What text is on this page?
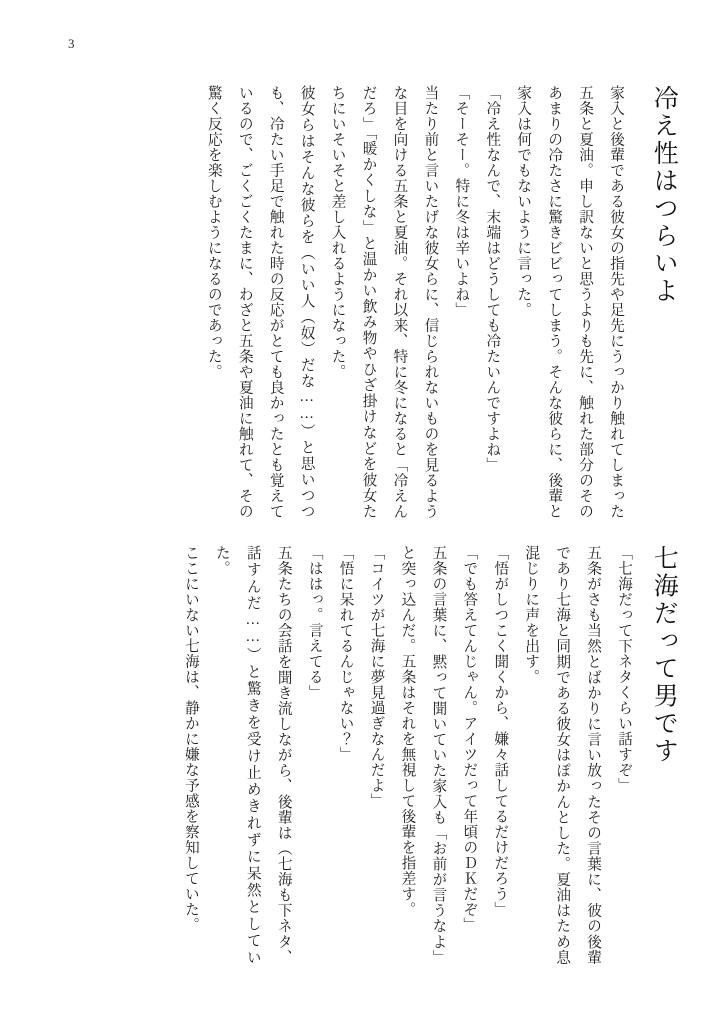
3
冷え性はつらいよ

家入と後輩である彼女の指先や足先にうっかり触れてしまった五条と夏油。申し訳ないと思うよりも先に、触れた部分のそのあまりの冷たさに驚きビビってしまう。そんな彼らに、後輩と家入は何でもないように言った。

「冷え性なんで、末端はどうしても冷たいんですよね」

「そーそー。特に冬は辛いよね」

当たり前と言いたげな彼女らに、信じられないものを見るような目を向ける五条と夏油。それ以来、特に冬になると「冷えんだろ」「暖かくしな」と温かい飲み物やひざ掛けなどを彼女たちにいそいそと差し入れるようになった。

彼女らはそんな彼らを（いい人（奴）だな……）と思いつつも、冷たい手足で触れた時の反応がとても良かったとも覚えているので、ごくごくたまに、わざと五条や夏油に触れて、その驚く反応を楽しむようになるのであった。

七海だって男です

「七海だって下ネタくらい話すぞ」

五条がさも当然とばかりに言い放ったその言葉に、彼の後輩であり七海と同期である彼女はぽかんとした。夏油はため息混じりに声を出す。

「悟がしつこく聞くから、嫌々話してるだけだろう」

「でも答えてんじゃん。アイツだって年頃のＤＫだぞ」

五条の言葉に、黙って聞いていた家入も「お前が言うなよ」と突っ込んだ。五条はそれを無視して後輩を指差す。

「コイツが七海に夢見過ぎなんだよ」

「悟に呆れてるんじゃない？」

「ははっ。言えてる」

五条たちの会話を聞き流しながら、後輩は（七海も下ネタ、話すんだ……）と驚きを受け止めきれずに呆然としていた。

ここにいない七海は、静かに嫌な予感を察知していた。
